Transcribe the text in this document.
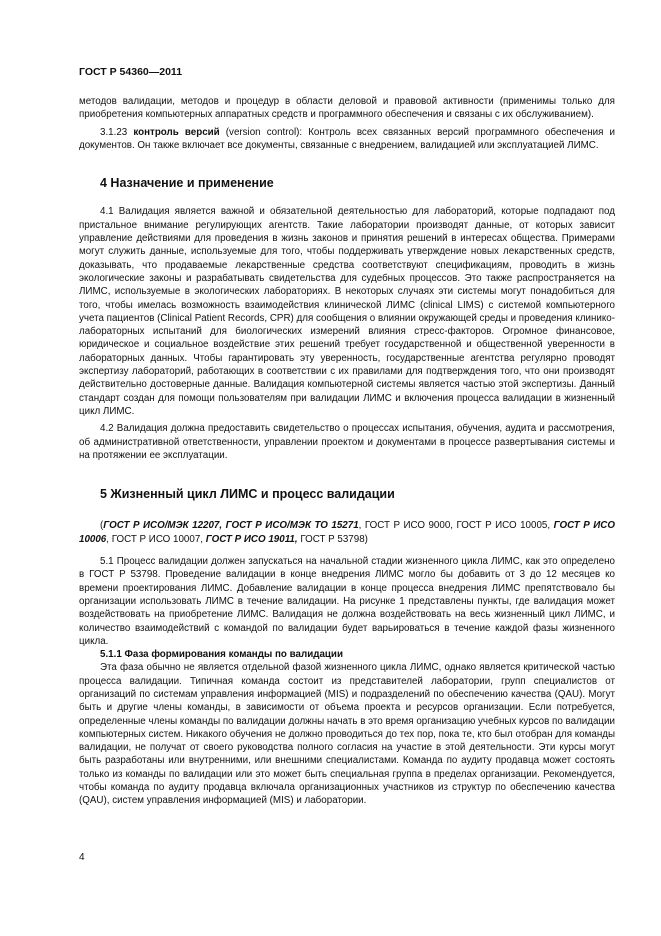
ГОСТ Р 54360—2011

методов валидации, методов и процедур в области деловой и правовой активности (применимы только для приобретения компьютерных аппаратных средств и программного обеспечения и связаны с их обслуживанием).

3.1.23 контроль версий (version control): Контроль всех связанных версий программного обеспечения и документов. Он также включает все документы, связанные с внедрением, валидацией или эксплуатацией ЛИМС.

4 Назначение и применение

4.1 Валидация является важной и обязательной деятельностью для лабораторий, которые подпадают под пристальное внимание регулирующих агентств. Такие лаборатории производят данные, от которых зависит управление действиями для проведения в жизнь законов и принятия решений в интересах общества. Примерами могут служить данные, используемые для того, чтобы поддерживать утверждение новых лекарственных средств, доказывать, что продаваемые лекарственные средства соответствуют спецификациям, проводить в жизнь экологические законы и разрабатывать свидетельства для судебных процессов. Это также распространяется на ЛИМС, используемые в экологических лабораториях. В некоторых случаях эти системы могут понадобиться для того, чтобы имелась возможность взаимодействия клинической ЛИМС (clinical LIMS) с системой компьютерного учета пациентов (Clinical Patient Records, CPR) для сообщения о влиянии окружающей среды и проведения клинико-лабораторных испытаний для биологических измерений влияния стресс-факторов. Огромное финансовое, юридическое и социальное воздействие этих решений требует государственной и общественной уверенности в лабораторных данных. Чтобы гарантировать эту уверенность, государственные агентства регулярно проводят экспертизу лабораторий, работающих в соответствии с их правилами для подтверждения того, что они производят действительно достоверные данные. Валидация компьютерной системы является частью этой экспертизы. Данный стандарт создан для помощи пользователям при валидации ЛИМС и включения процесса валидации в жизненный цикл ЛИМС.

4.2 Валидация должна предоставить свидетельство о процессах испытания, обучения, аудита и рассмотрения, об административной ответственности, управлении проектом и документами в процессе развертывания системы и на протяжении ее эксплуатации.

5 Жизненный цикл ЛИМС и процесс валидации

(ГОСТ Р ИСО/МЭК 12207, ГОСТ Р ИСО/МЭК ТО 15271, ГОСТ Р ИСО 9000, ГОСТ Р ИСО 10005, ГОСТ Р ИСО 10006, ГОСТ Р ИСО 10007, ГОСТ Р ИСО 19011, ГОСТ Р 53798)

5.1 Процесс валидации должен запускаться на начальной стадии жизненного цикла ЛИМС, как это определено в ГОСТ Р 53798. Проведение валидации в конце внедрения ЛИМС могло бы добавить от 3 до 12 месяцев ко времени проектирования ЛИМС. Добавление валидации в конце процесса внедрения ЛИМС препятствовало бы организации использовать ЛИМС в течение валидации. На рисунке 1 представлены пункты, где валидация может воздействовать на приобретение ЛИМС. Валидация не должна воздействовать на весь жизненный цикл ЛИМС, и количество взаимодействий с командой по валидации будет варьироваться в течение каждой фазы жизненного цикла.

5.1.1 Фаза формирования команды по валидации

Эта фаза обычно не является отдельной фазой жизненного цикла ЛИМС, однако является критической частью процесса валидации. Типичная команда состоит из представителей лаборатории, групп специалистов от организаций по системам управления информацией (MIS) и подразделений по обеспечению качества (QAU). Могут быть и другие члены команды, в зависимости от объема проекта и ресурсов организации. Если потребуется, определенные члены команды по валидации должны начать в это время организацию учебных курсов по валидации компьютерных систем. Никакого обучения не должно проводиться до тех пор, пока те, кто был отобран для команды валидации, не получат от своего руководства полного согласия на участие в этой деятельности. Эти курсы могут быть разработаны или внутренними, или внешними специалистами. Команда по аудиту продавца может состоять только из команды по валидации или это может быть специальная группа в пределах организации. Рекомендуется, чтобы команда по аудиту продавца включала организационных участников из структур по обеспечению качества (QAU), систем управления информацией (MIS) и лаборатории.

4
